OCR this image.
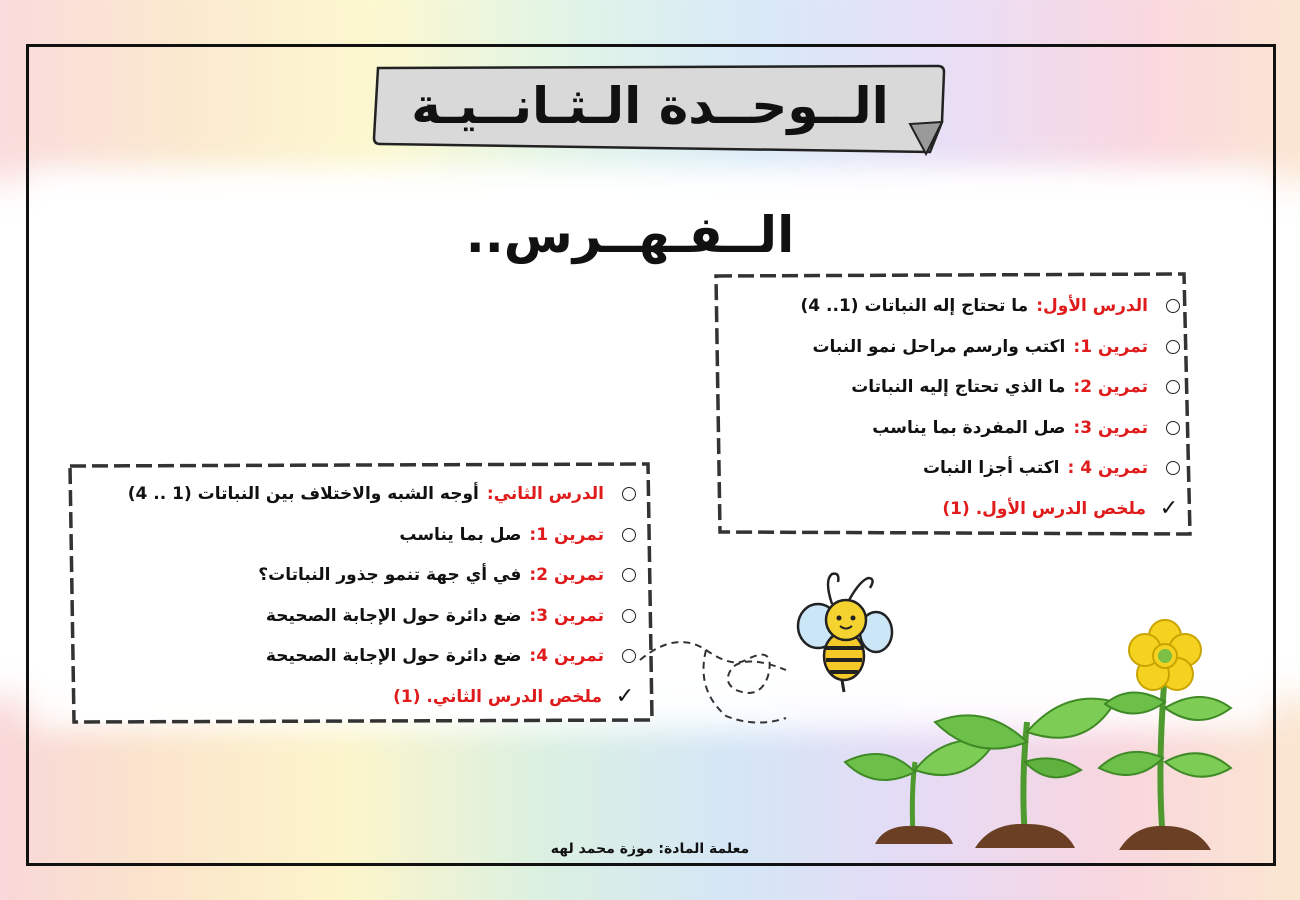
الــوحــدة الـثـانــيـة
الــفـهــرس..
الدرس الأول:
ما تحتاج إله النباتات (1.. 4)
تمرين 1:
اكتب وارسم مراحل نمو النبات
تمرين 2:
ما الذي تحتاج إليه النباتات
تمرين 3:
صل المفردة بما يناسب
تمرين 4 :
اكتب أجزا النبات
✓
ملخص الدرس الأول. (1)
الدرس الثاني:
أوجه الشبه والاختلاف بين النباتات (1 .. 4)
تمرين 1:
صل بما يناسب
تمرين 2:
في أي جهة تنمو جذور النباتات؟
تمرين 3:
ضع دائرة حول الإجابة الصحيحة
تمرين 4:
ضع دائرة حول الإجابة الصحيحة
✓
ملخص الدرس الثاني. (1)
معلمة المادة: موزة محمد لهه
